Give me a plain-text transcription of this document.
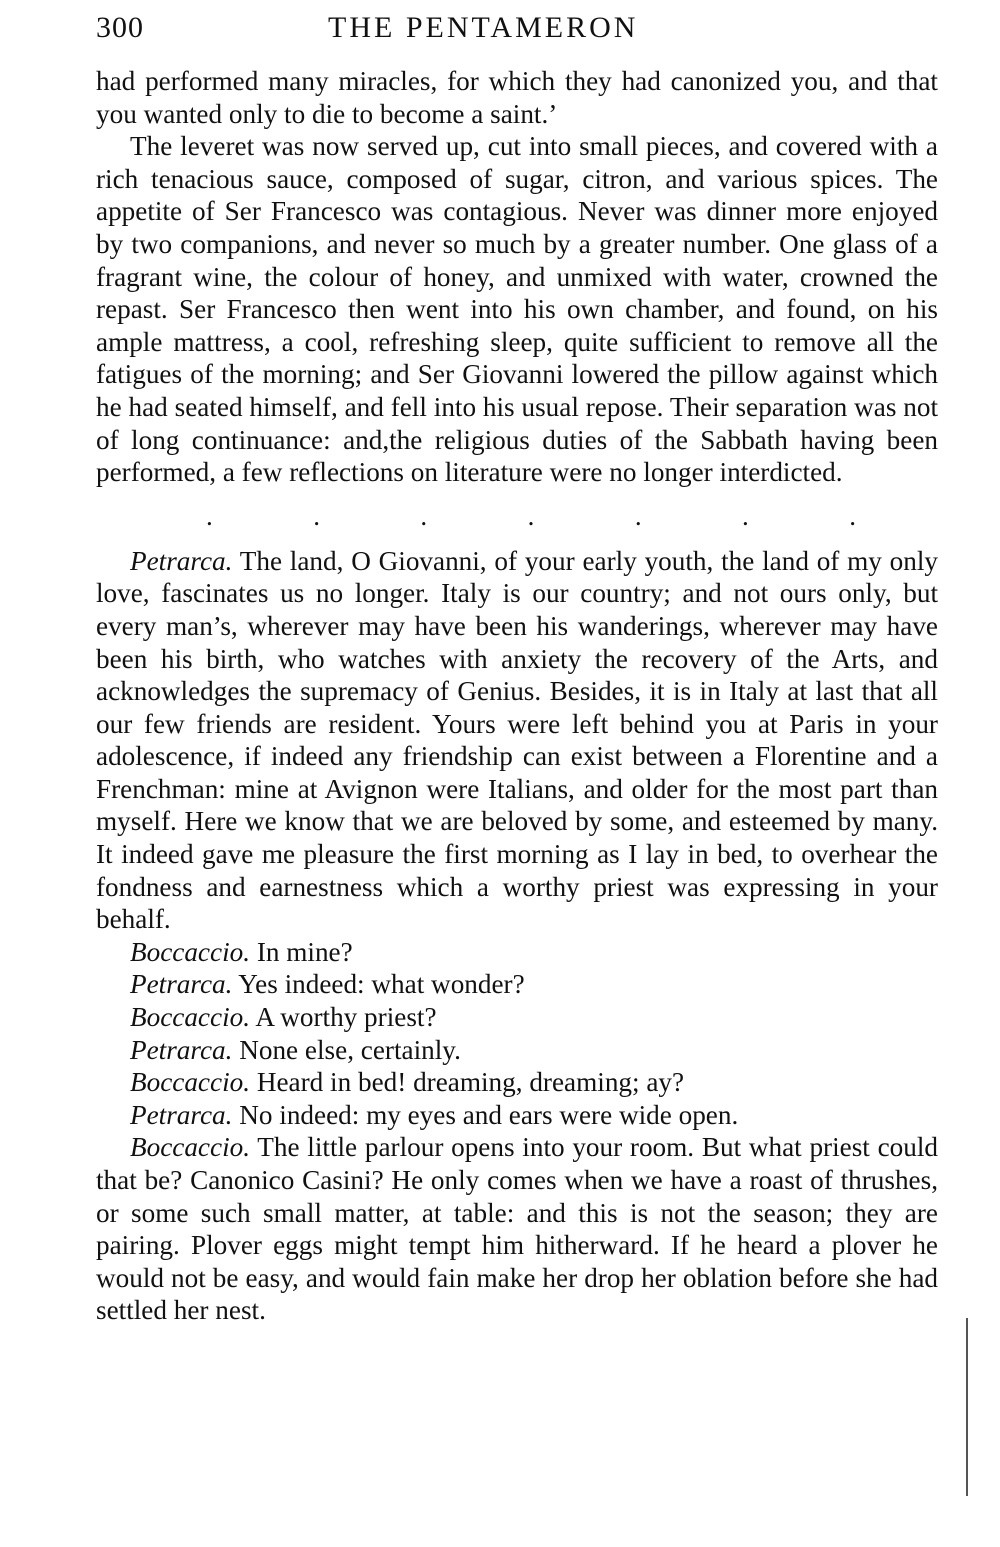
300	THE PENTAMERON

had performed many miracles, for which they had canonized you, and that you wanted only to die to become a saint.’

The leveret was now served up, cut into small pieces, and covered with a rich tenacious sauce, composed of sugar, citron, and various spices. The appetite of Ser Francesco was contagious. Never was dinner more enjoyed by two companions, and never so much by a greater number. One glass of a fragrant wine, the colour of honey, and unmixed with water, crowned the repast. Ser Francesco then went into his own chamber, and found, on his ample mattress, a cool, refreshing sleep, quite sufficient to remove all the fatigues of the morning; and Ser Giovanni lowered the pillow against which he had seated himself, and fell into his usual repose. Their separation was not of long continuance: and,the religious duties of the Sabbath having been performed, a few reflections on literature were no longer interdicted.

.	.	.	.	.	.	.

Petrarca. The land, O Giovanni, of your early youth, the land of my only love, fascinates us no longer. Italy is our country; and not ours only, but every man’s, wherever may have been his wanderings, wherever may have been his birth, who watches with anxiety the recovery of the Arts, and acknowledges the supremacy of Genius. Besides, it is in Italy at last that all our few friends are resident. Yours were left behind you at Paris in your adolescence, if indeed any friendship can exist between a Florentine and a Frenchman: mine at Avignon were Italians, and older for the most part than myself. Here we know that we are beloved by some, and esteemed by many. It indeed gave me pleasure the first morning as I lay in bed, to overhear the fondness and earnestness which a worthy priest was expressing in your behalf.

Boccaccio. In mine?

Petrarca. Yes indeed: what wonder?

Boccaccio. A worthy priest?

Petrarca. None else, certainly.

Boccaccio. Heard in bed! dreaming, dreaming; ay?

Petrarca. No indeed: my eyes and ears were wide open.

Boccaccio. The little parlour opens into your room. But what priest could that be? Canonico Casini? He only comes when we have a roast of thrushes, or some such small matter, at table: and this is not the season; they are pairing. Plover eggs might tempt him hitherward. If he heard a plover he would not be easy, and would fain make her drop her oblation before she had settled her nest.
